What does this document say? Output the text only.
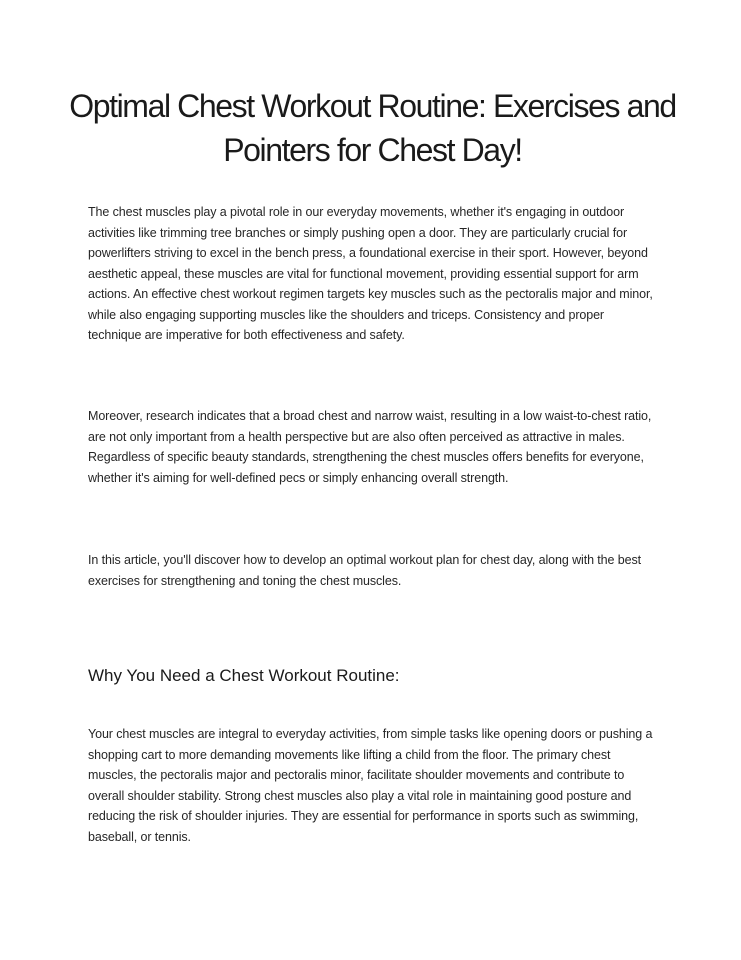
Optimal Chest Workout Routine: Exercises and Pointers for Chest Day!

The chest muscles play a pivotal role in our everyday movements, whether it's engaging in outdoor activities like trimming tree branches or simply pushing open a door. They are particularly crucial for powerlifters striving to excel in the bench press, a foundational exercise in their sport. However, beyond aesthetic appeal, these muscles are vital for functional movement, providing essential support for arm actions. An effective chest workout regimen targets key muscles such as the pectoralis major and minor, while also engaging supporting muscles like the shoulders and triceps. Consistency and proper technique are imperative for both effectiveness and safety.

Moreover, research indicates that a broad chest and narrow waist, resulting in a low waist-to-chest ratio, are not only important from a health perspective but are also often perceived as attractive in males. Regardless of specific beauty standards, strengthening the chest muscles offers benefits for everyone, whether it's aiming for well-defined pecs or simply enhancing overall strength.

In this article, you'll discover how to develop an optimal workout plan for chest day, along with the best exercises for strengthening and toning the chest muscles.

Why You Need a Chest Workout Routine:

Your chest muscles are integral to everyday activities, from simple tasks like opening doors or pushing a shopping cart to more demanding movements like lifting a child from the floor. The primary chest muscles, the pectoralis major and pectoralis minor, facilitate shoulder movements and contribute to overall shoulder stability. Strong chest muscles also play a vital role in maintaining good posture and reducing the risk of shoulder injuries. They are essential for performance in sports such as swimming, baseball, or tennis.
